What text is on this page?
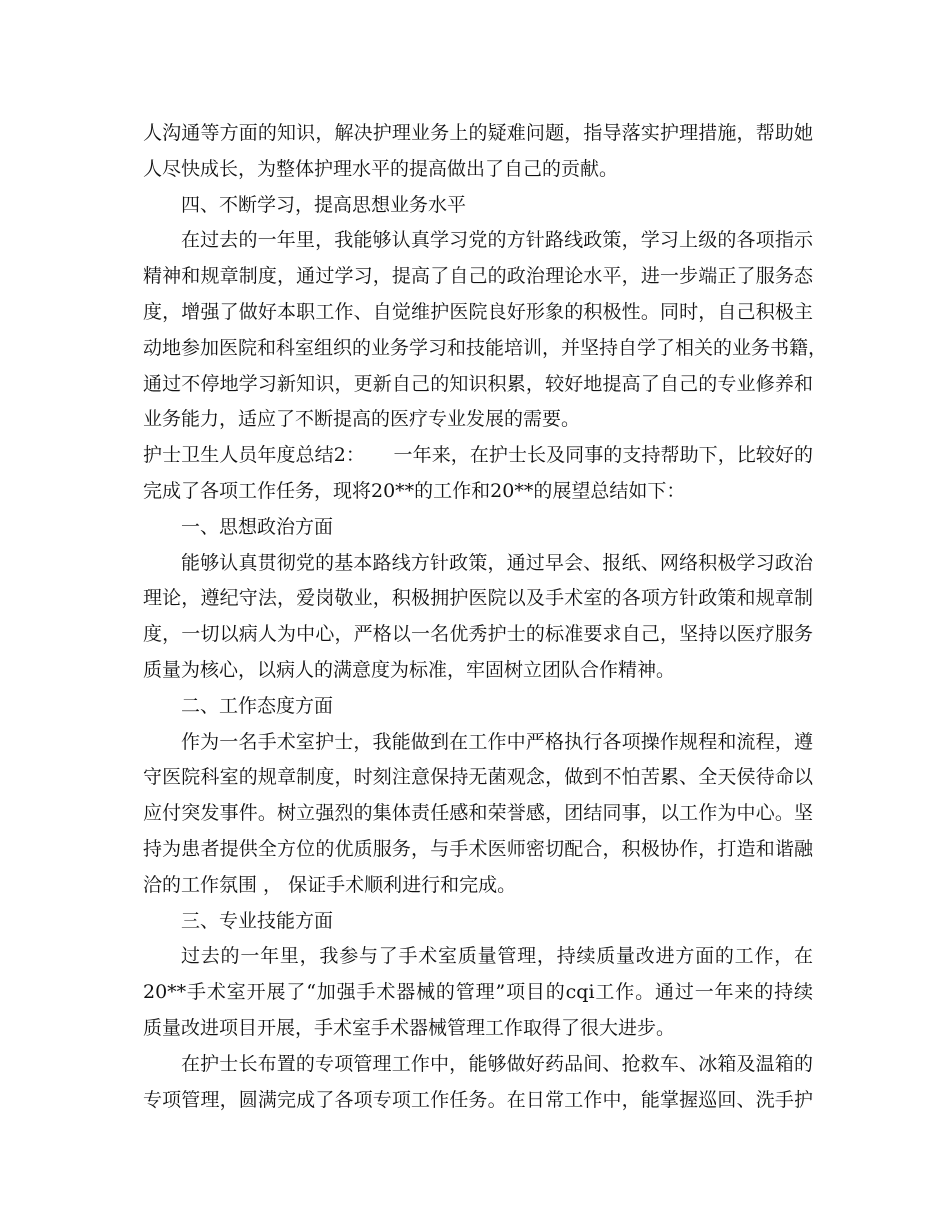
人沟通等方面的知识，解决护理业务上的疑难问题，指导落实护理措施，帮助她
人尽快成长，为整体护理水平的提高做出了自己的贡献。
四、不断学习，提高思想业务水平
在过去的一年里，我能够认真学习党的方针路线政策，学习上级的各项指示
精神和规章制度，通过学习，提高了自己的政治理论水平，进一步端正了服务态
度，增强了做好本职工作、自觉维护医院良好形象的积极性。同时，自己积极主
动地参加医院和科室组织的业务学习和技能培训，并坚持自学了相关的业务书籍，
通过不停地学习新知识，更新自己的知识积累，较好地提高了自己的专业修养和
业务能力，适应了不断提高的医疗专业发展的需要。
护士卫生人员年度总结2：　　一年来，在护士长及同事的支持帮助下，比较好的
完成了各项工作任务，现将20**的工作和20**的展望总结如下：
一、思想政治方面
能够认真贯彻党的基本路线方针政策，通过早会、报纸、网络积极学习政治
理论，遵纪守法，爱岗敬业，积极拥护医院以及手术室的各项方针政策和规章制
度，一切以病人为中心，严格以一名优秀护士的标准要求自己，坚持以医疗服务
质量为核心，以病人的满意度为标准，牢固树立团队合作精神。
二、工作态度方面
作为一名手术室护士，我能做到在工作中严格执行各项操作规程和流程，遵
守医院科室的规章制度，时刻注意保持无菌观念，做到不怕苦累、全天侯待命以
应付突发事件。树立强烈的集体责任感和荣誉感，团结同事，以工作为中心。坚
持为患者提供全方位的优质服务，与手术医师密切配合，积极协作，打造和谐融
洽的工作氛围 ， 保证手术顺利进行和完成。
三、专业技能方面
过去的一年里，我参与了手术室质量管理，持续质量改进方面的工作，在
20**手术室开展了“加强手术器械的管理”项目的cqi工作。通过一年来的持续
质量改进项目开展，手术室手术器械管理工作取得了很大进步。
在护士长布置的专项管理工作中，能够做好药品间、抢救车、冰箱及温箱的
专项管理，圆满完成了各项专项工作任务。在日常工作中，能掌握巡回、洗手护
